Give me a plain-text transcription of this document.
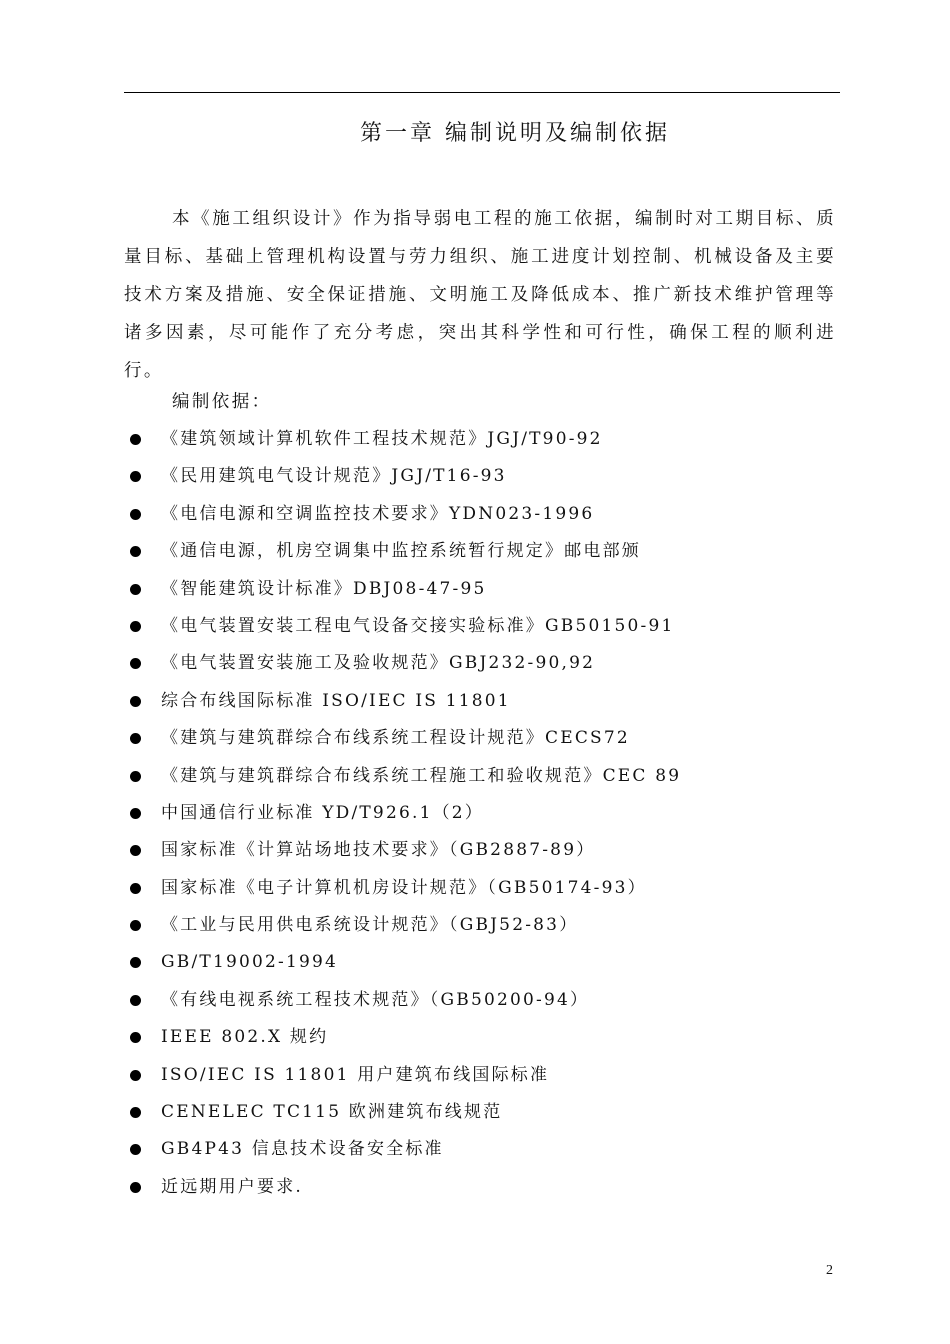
第一章 编制说明及编制依据

本《施工组织设计》作为指导弱电工程的施工依据，编制时对工期目标、质量目标、基础上管理机构设置与劳力组织、施工进度计划控制、机械设备及主要技术方案及措施、安全保证措施、文明施工及降低成本、推广新技术维护管理等诸多因素，尽可能作了充分考虑，突出其科学性和可行性，确保工程的顺利进行。

编制依据：
《建筑领域计算机软件工程技术规范》JGJ/T90-92
《民用建筑电气设计规范》JGJ/T16-93
《电信电源和空调监控技术要求》YDN023-1996
《通信电源，机房空调集中监控系统暂行规定》邮电部颁
《智能建筑设计标准》DBJ08-47-95
《电气装置安装工程电气设备交接实验标准》GB50150-91
《电气装置安装施工及验收规范》GBJ232-90,92
综合布线国际标准 ISO/IEC IS 11801
《建筑与建筑群综合布线系统工程设计规范》CECS72
《建筑与建筑群综合布线系统工程施工和验收规范》CEC 89
中国通信行业标准 YD/T926.1（2）
国家标准《计算站场地技术要求》（GB2887-89）
国家标准《电子计算机机房设计规范》（GB50174-93）
《工业与民用供电系统设计规范》（GBJ52-83）
GB/T19002-1994
《有线电视系统工程技术规范》（GB50200-94）
IEEE 802.X 规约
ISO/IEC IS 11801 用户建筑布线国际标准
CENELEC TC115 欧洲建筑布线规范
GB4P43 信息技术设备安全标准
近远期用户要求.
2
